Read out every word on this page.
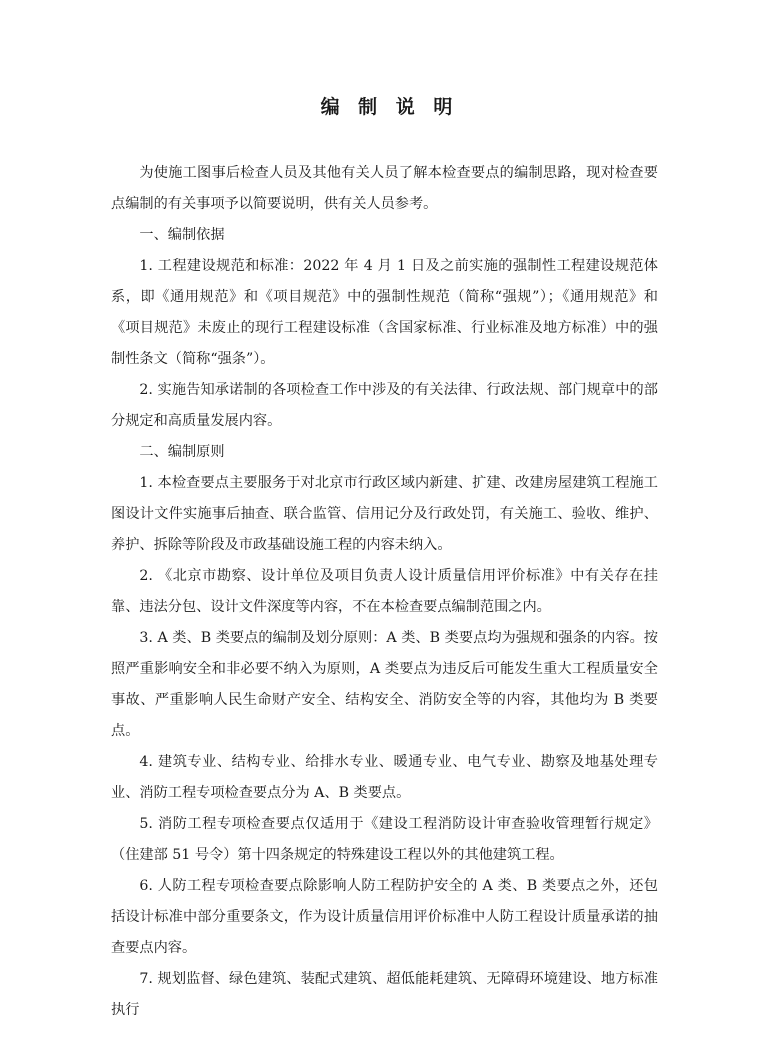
编 制 说 明

为使施工图事后检查人员及其他有关人员了解本检查要点的编制思路，现对检查要点编制的有关事项予以简要说明，供有关人员参考。

一、编制依据

1. 工程建设规范和标准：2022 年 4 月 1 日及之前实施的强制性工程建设规范体系，即《通用规范》和《项目规范》中的强制性规范（简称“强规”）；《通用规范》和《项目规范》未废止的现行工程建设标准（含国家标准、行业标准及地方标准）中的强制性条文（简称“强条”）。

2. 实施告知承诺制的各项检查工作中涉及的有关法律、行政法规、部门规章中的部分规定和高质量发展内容。

二、编制原则

1. 本检查要点主要服务于对北京市行政区域内新建、扩建、改建房屋建筑工程施工图设计文件实施事后抽查、联合监管、信用记分及行政处罚，有关施工、验收、维护、养护、拆除等阶段及市政基础设施工程的内容未纳入。

2. 《北京市勘察、设计单位及项目负责人设计质量信用评价标准》中有关存在挂靠、违法分包、设计文件深度等内容，不在本检查要点编制范围之内。

3. A 类、B 类要点的编制及划分原则：A 类、B 类要点均为强规和强条的内容。按照严重影响安全和非必要不纳入为原则，A 类要点为违反后可能发生重大工程质量安全事故、严重影响人民生命财产安全、结构安全、消防安全等的内容，其他均为 B 类要点。

4. 建筑专业、结构专业、给排水专业、暖通专业、电气专业、勘察及地基处理专业、消防工程专项检查要点分为 A、B 类要点。

5. 消防工程专项检查要点仅适用于《建设工程消防设计审查验收管理暂行规定》（住建部 51 号令）第十四条规定的特殊建设工程以外的其他建筑工程。

6. 人防工程专项检查要点除影响人防工程防护安全的 A 类、B 类要点之外，还包括设计标准中部分重要条文，作为设计质量信用评价标准中人防工程设计质量承诺的抽查要点内容。

7. 规划监督、绿色建筑、装配式建筑、超低能耗建筑、无障碍环境建设、地方标准执行
